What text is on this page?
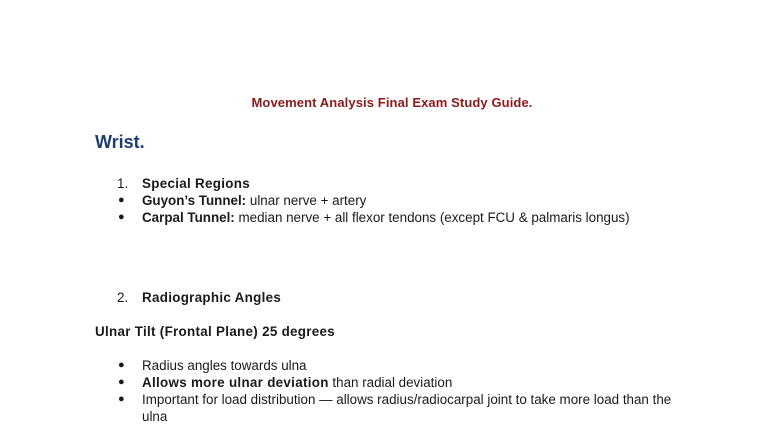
Movement Analysis Final Exam Study Guide.
Wrist.
1.	Special Regions
●	Guyon’s Tunnel: ulnar nerve + artery
●	Carpal Tunnel: median nerve + all flexor tendons (except FCU & palmaris longus)
2.	Radiographic Angles
Ulnar Tilt (Frontal Plane) 25 degrees
●	Radius angles towards ulna
●	Allows more ulnar deviation than radial deviation
●	Important for load distribution — allows radius/radiocarpal joint to take more load than the ulna
